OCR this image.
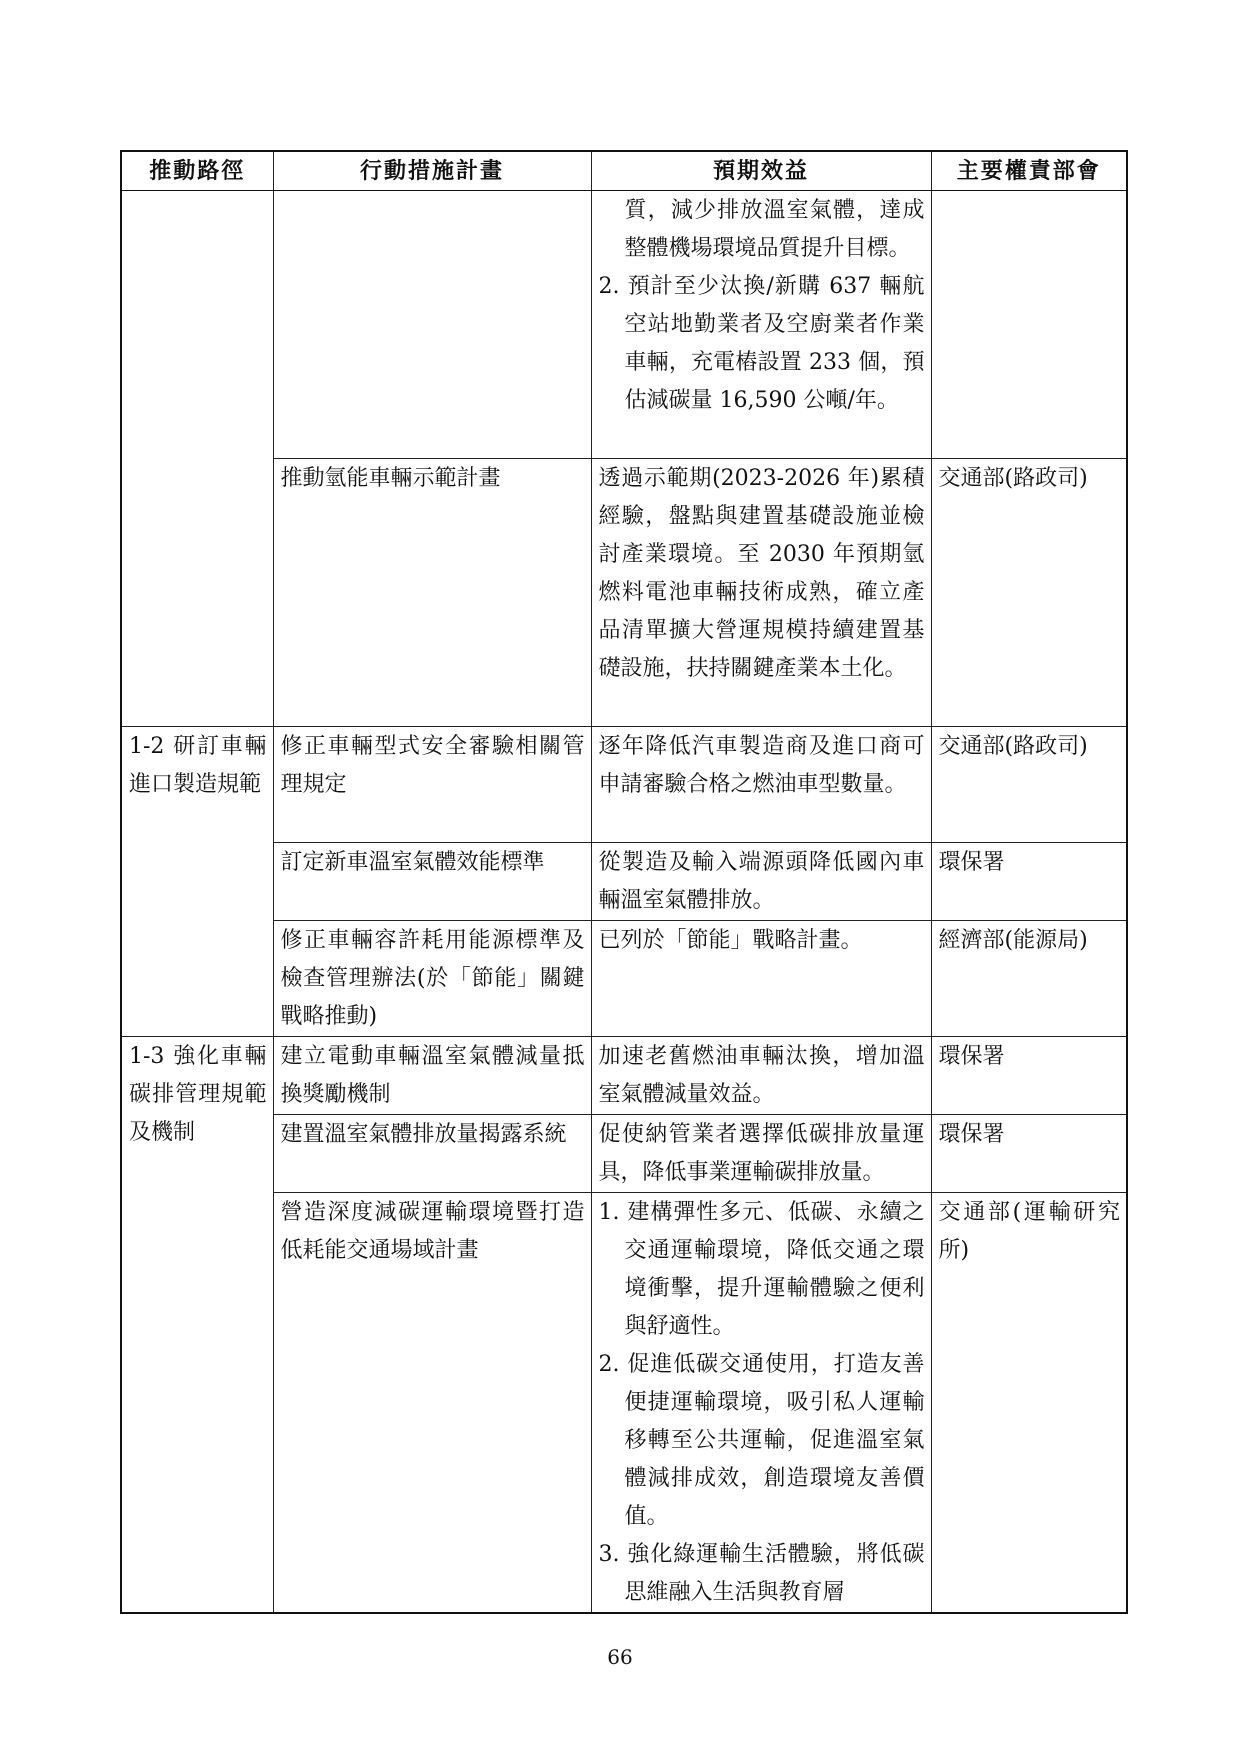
推動路徑	行動措施計畫	預期效益	主要權責部會

		質，減少排放溫室氣體，達成整體機場環境品質提升目標。
2. 預計至少汰換/新購 637 輛航空站地勤業者及空廚業者作業車輛，充電樁設置 233 個，預估減碳量 16,590 公噸/年。	

	推動氫能車輛示範計畫	透過示範期(2023-2026 年)累積經驗，盤點與建置基礎設施並檢討產業環境。至 2030 年預期氫燃料電池車輛技術成熟，確立產品清單擴大營運規模持續建置基礎設施，扶持關鍵產業本土化。	交通部(路政司)
1-2 研訂車輛進口製造規範	修正車輛型式安全審驗相關管理規定	逐年降低汽車製造商及進口商可申請審驗合格之燃油車型數量。	交通部(路政司)
	訂定新車溫室氣體效能標準	從製造及輸入端源頭降低國內車輛溫室氣體排放。	環保署
	修正車輛容許耗用能源標準及檢查管理辦法(於「節能」關鍵戰略推動)	已列於「節能」戰略計畫。	經濟部(能源局)
1-3 強化車輛碳排管理規範及機制	建立電動車輛溫室氣體減量抵換獎勵機制	加速老舊燃油車輛汰換，增加溫室氣體減量效益。	環保署
	建置溫室氣體排放量揭露系統	促使納管業者選擇低碳排放量運具，降低事業運輸碳排放量。	環保署
	營造深度減碳運輸環境暨打造低耗能交通場域計畫	1. 建構彈性多元、低碳、永續之交通運輸環境，降低交通之環境衝擊，提升運輸體驗之便利與舒適性。
2. 促進低碳交通使用，打造友善便捷運輸環境，吸引私人運輸移轉至公共運輸，促進溫室氣體減排成效，創造環境友善價值。
3. 強化綠運輸生活體驗，將低碳思維融入生活與教育層	交通部(運輸研究所)
66
